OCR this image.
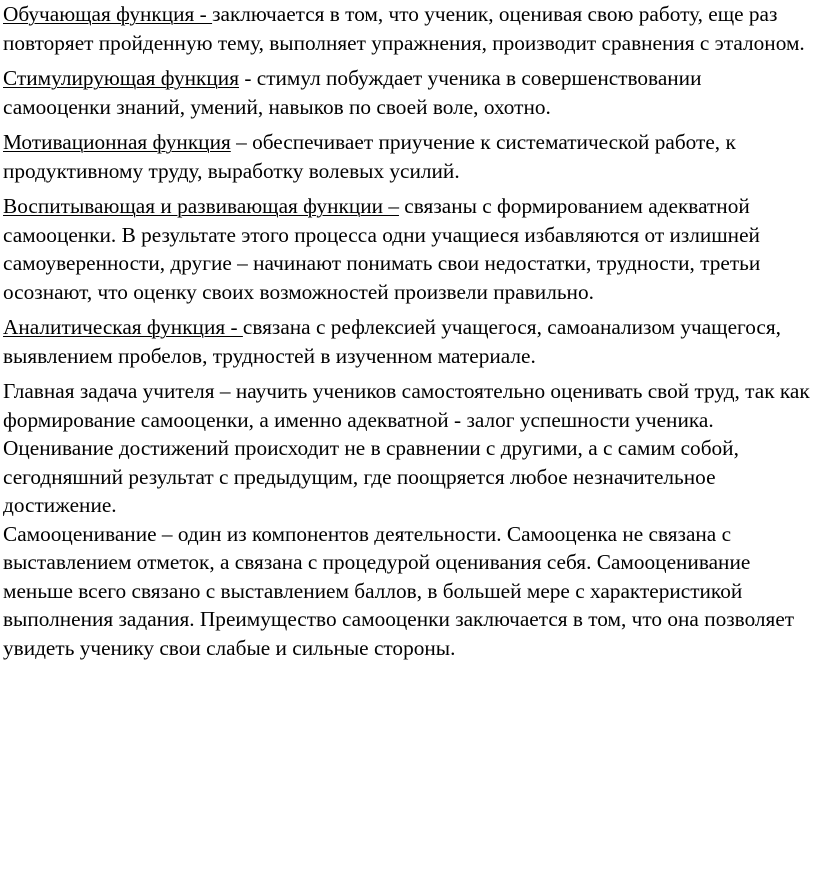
Обучающая функция - заключается в том, что ученик, оценивая свою работу, еще раз повторяет пройденную тему, выполняет упражнения, производит сравнения с эталоном.

Стимулирующая функция - стимул побуждает ученика в совершенствовании самооценки знаний, умений, навыков по своей воле, охотно.

Мотивационная функция – обеспечивает приучение к систематической работе, к продуктивному труду, выработку волевых усилий.

Воспитывающая и развивающая функции – связаны с формированием адекватной самооценки. В результате этого процесса одни учащиеся избавляются от излишней самоуверенности, другие – начинают понимать свои недостатки, трудности, третьи осознают, что оценку своих возможностей произвели правильно.

Аналитическая функция - связана с рефлексией учащегося, самоанализом учащегося, выявлением пробелов, трудностей в изученном материале.

Главная задача учителя – научить учеников самостоятельно оценивать свой труд, так как формирование самооценки, а именно адекватной - залог успешности ученика.

Оценивание достижений происходит не в сравнении с другими, а с самим собой, сегодняшний результат с предыдущим, где поощряется любое незначительное достижение.

Самооценивание – один из компонентов деятельности. Самооценка не связана с выставлением отметок, а связана с процедурой оценивания себя. Самооценивание меньше всего связано с выставлением баллов, в большей мере с характеристикой выполнения задания. Преимущество самооценки заключается в том, что она позволяет увидеть ученику свои слабые и сильные стороны.
